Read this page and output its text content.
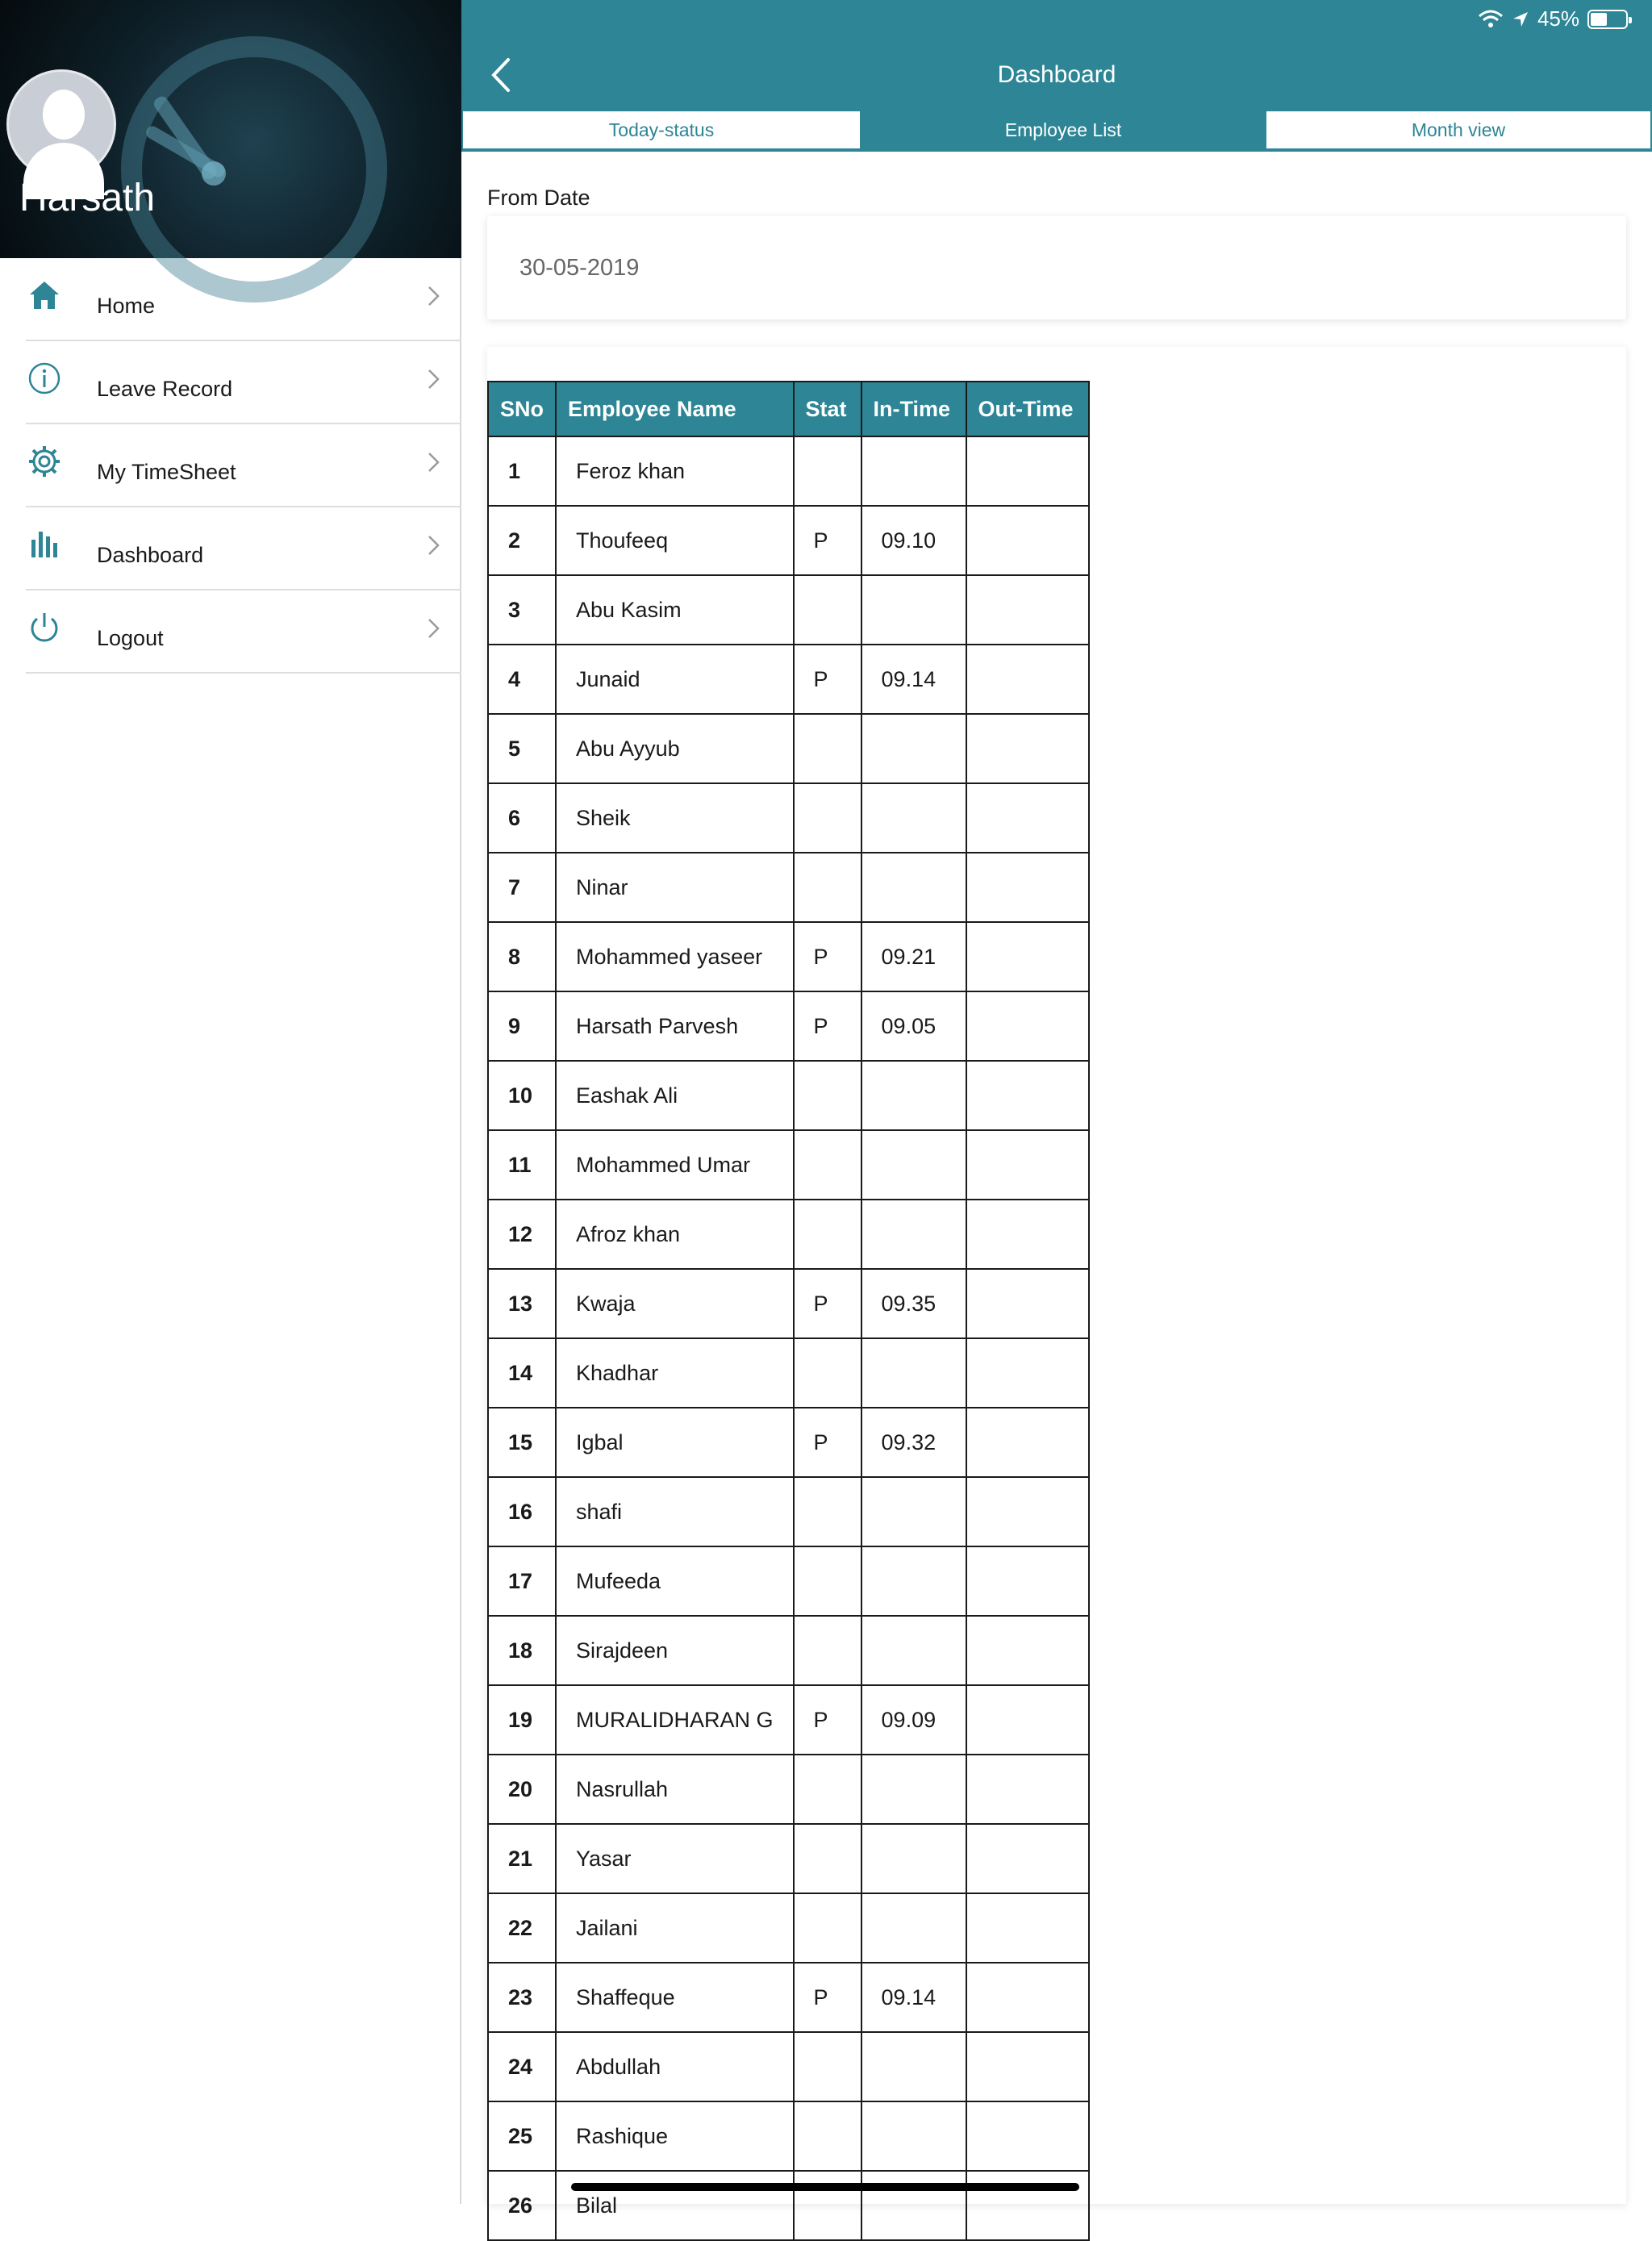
Harsath
Home
Leave Record
My TimeSheet
Dashboard
Logout
45%
Dashboard
Today-status	Employee List	Month view
From Date
30-05-2019
SNo	Employee Name	Stat	In-Time	Out-Time
1	Feroz khan			
2	Thoufeeq	P	09.10	
3	Abu Kasim			
4	Junaid	P	09.14	
5	Abu Ayyub			
6	Sheik			
7	Ninar			
8	Mohammed yaseer	P	09.21	
9	Harsath Parvesh	P	09.05	
10	Eashak Ali			
11	Mohammed Umar			
12	Afroz khan			
13	Kwaja	P	09.35	
14	Khadhar			
15	Igbal	P	09.32	
16	shafi			
17	Mufeeda			
18	Sirajdeen			
19	MURALIDHARAN G	P	09.09	
20	Nasrullah			
21	Yasar			
22	Jailani			
23	Shaffeque	P	09.14	
24	Abdullah			
25	Rashique			
26	Bilal			
